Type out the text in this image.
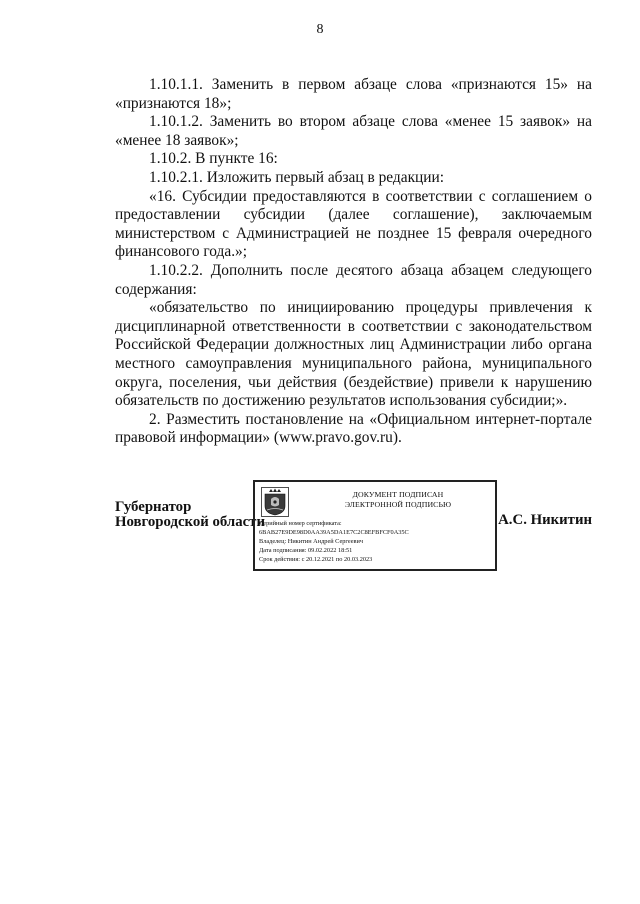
8

1.10.1.1. Заменить в первом абзаце слова «признаются 15» на «признаются 18»;

1.10.1.2. Заменить во втором абзаце слова «менее 15 заявок» на «менее 18 заявок»;

1.10.2. В пункте 16:

1.10.2.1. Изложить первый абзац в редакции:

«16. Субсидии предоставляются в соответствии с соглашением о предоставлении субсидии (далее соглашение), заключаемым министерством с Администрацией не позднее 15 февраля очередного финансового года.»;

1.10.2.2. Дополнить после десятого абзаца абзацем следующего содержания:

«обязательство по инициированию процедуры привлечения к дисциплинарной ответственности в соответствии с законодательством Российской Федерации должностных лиц Администрации либо органа местного самоуправления муниципального района, муниципального округа, поселения, чьи действия (бездействие) привели к нарушению обязательств по достижению результатов использования субсидии;».

2. Разместить постановление на «Официальном интернет-портале правовой информации» (www.pravo.gov.ru).

Губернатор
Новгородской области
ДОКУМЕНТ ПОДПИСАН
ЭЛЕКТРОННОЙ ПОДПИСЬЮ
Серийный номер сертификата:
6BAB27E9DE98D0AA39A5DA1E7C2C8EFBFCF0A35C
Владелец: Никитин Андрей Сергеевич
Дата подписания: 09.02.2022 18:51
Срок действия: с 20.12.2021 по 20.03.2023
А.С. Никитин
